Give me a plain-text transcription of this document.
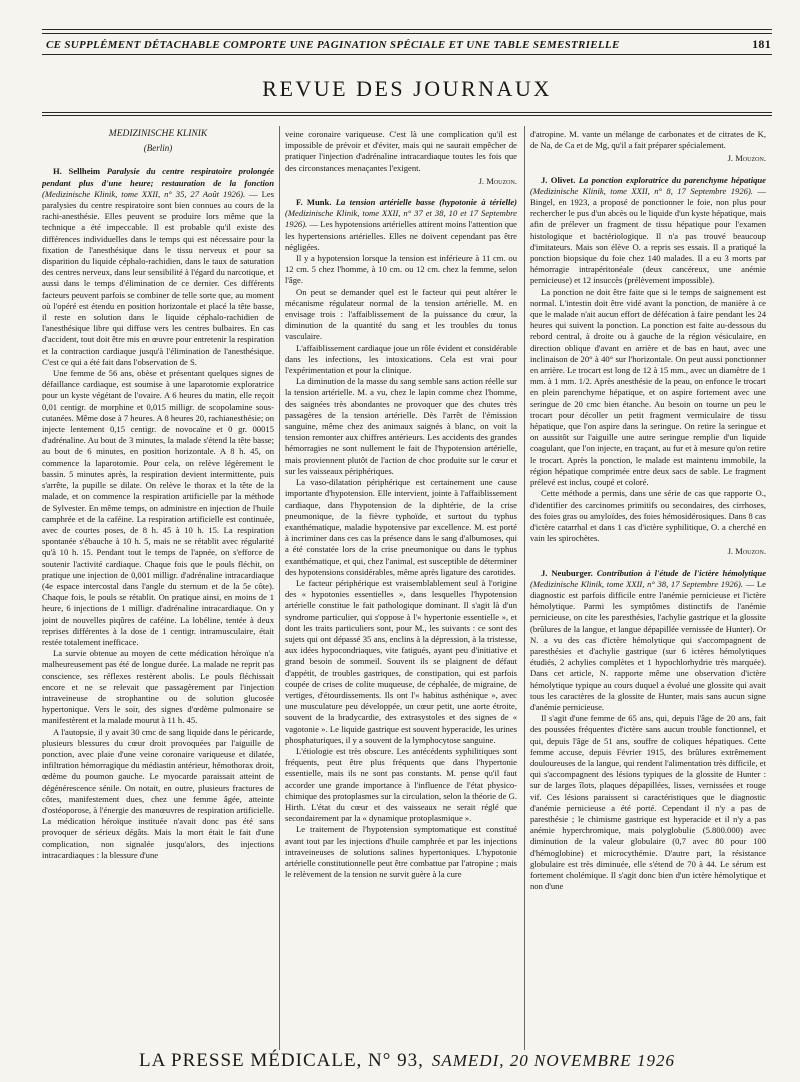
CE SUPPLÉMENT DÉTACHABLE COMPORTE UNE PAGINATION SPÉCIALE ET UNE TABLE SEMESTRIELLE	181
REVUE DES JOURNAUX
MEDIZINISCHE KLINIK
(Berlin)

H. Sellheim Paralysie du centre respiratoire prolongée pendant plus d'une heure; restauration de la fonction (Medizinische Klinik, tome XXII, n° 35, 27 Août 1926). — Les paralysies du centre respiratoire sont bien connues au cours de la rachi-anesthésie. Elles peuvent se produire lors même que la technique a été impeccable. Il est probable qu'il existe des différences individuelles dans le temps qui est nécessaire pour la fixation de l'anesthésique dans le tissu nerveux et pour sa disparition du liquide céphalo-rachidien, dans le taux de saturation des centres nerveux, dans leur sensibilité à l'égard du narcotique, et aussi dans le temps d'élimination de ce dernier. Ces différents facteurs peuvent parfois se combiner de telle sorte que, au moment où l'opéré est étendu en position horizontale et placé la tête basse, il reste en solution dans le liquide céphalo-rachidien de l'anesthésique libre qui diffuse vers les centres bulbaires. En cas d'accident, tout doit être mis en œuvre pour entretenir la respiration et la contraction cardiaque jusqu'à l'élimination de l'anesthésique. C'est ce qui a été fait dans l'observation de S.

Une femme de 56 ans, obèse et présentant quelques signes de défaillance cardiaque, est soumise à une laparotomie exploratrice pour un kyste végétant de l'ovaire. A 6 heures du matin, elle reçoit 0,01 centigr. de morphine et 0,015 milligr. de scopolamine sous-cutanées. Même dose à 7 heures. A 8 heures 20, rachianesthésie; on injecte lentement 0,15 centigr. de novocaïne et 0 gr. 00015 d'adrénaline. Au bout de 3 minutes, la malade s'étend la tête basse; au bout de 6 minutes, en position horizontale. A 8 h. 45, on commence la laparotomie. Pour cela, on relève légèrement le bassin. 5 minutes après, la respiration devient intermittente, puis s'arrête, la pupille se dilate. On relève le thorax et la tête de la malade, et on commence la respiration artificielle par la méthode de Sylvester. En même temps, on administre en injection de l'huile camphrée et de la caféine. La respiration artificielle est continuée, avec de courtes poses, de 8 h. 45 à 10 h. 15. La respiration spontanée s'ébauche à 10 h. 5, mais ne se rétablit avec régularité qu'à 10 h. 15. Pendant tout le temps de l'apnée, on s'efforce de soutenir l'activité cardiaque. Chaque fois que le pouls fléchit, on pratique une injection de 0,001 milligr. d'adrénaline intracardiaque (4e espace intercostal dans l'angle du sternum et de la 5e côte). Chaque fois, le pouls se rétablit. On pratique ainsi, en moins de 1 heure, 6 injections de 1 milligr. d'adrénaline intracardiaque. On y joint de nouvelles piqûres de caféine. La lobéline, tentée à deux reprises différentes à la dose de 1 centigr. intramusculaire, était restée totalement inefficace.

La survie obtenue au moyen de cette médication héroïque n'a malheureusement pas été de longue durée. La malade ne reprit pas conscience, ses réflexes restèrent abolis. Le pouls fléchissait encore et ne se relevait que passagèrement par l'injection intraveineuse de strophantine ou de solution glucosée hypertonique. Vers le soir, des signes d'œdème pulmonaire se manifestèrent et la malade mourut à 11 h. 45.

A l'autopsie, il y avait 30 cmc de sang liquide dans le péricarde, plusieurs blessures du cœur droit provoquées par l'aiguille de ponction, avec plaie d'une veine coronaire variqueuse et dilatée, infiltration hémorragique du médiastin antérieur, hémothorax droit, œdème du poumon gauche. Le myocarde paraissait atteint de dégénérescence sénile. On notait, en outre, plusieurs fractures de côtes, manifestement dues, chez une femme âgée, atteinte d'ostéoporose, à l'énergie des manœuvres de respiration artificielle. La médication héroïque instituée n'avait donc pas été sans provoquer de sérieux dégâts. Mais la mort était le fait d'une complication, non signalée jusqu'alors, des injections intracardiaques : la blessure d'une

veine coronaire variqueuse. C'est là une complication qu'il est impossible de prévoir et d'éviter, mais qui ne saurait empêcher de pratiquer l'injection d'adrénaline intracardiaque toutes les fois que des circonstances menaçantes l'exigent.

J. Mouzon.

F. Munk. La tension artérielle basse (hypotonie à térielle) (Medizinische Klinik, tome XXII, n° 37 et 38, 10 et 17 Septembre 1926). — Les hypotensions artérielles attirent moins l'attention que les hypertensions artérielles. Elles ne doivent cependant pas être négligées.

Il y a hypotension lorsque la tension est inférieure à 11 cm. ou 12 cm. 5 chez l'homme, à 10 cm. ou 12 cm. chez la femme, selon l'âge.

On peut se demander quel est le facteur qui peut altérer le mécanisme régulateur normal de la tension artérielle. M. en envisage trois : l'affaiblissement de la puissance du cœur, la diminution de la quantité du sang et les troubles du tonus vasculaire.

L'affaiblissement cardiaque joue un rôle évident et considérable dans les infections, les intoxications. Cela est vrai pour l'expérimentation et pour la clinique.

La diminution de la masse du sang semble sans action réelle sur la tension artérielle. M. a vu, chez le lapin comme chez l'homme, des saignées très abondantes ne provoquer que des chutes très passagères de la tension artérielle. Dès l'arrêt de l'émission sanguine, même chez des animaux saignés à blanc, on voit la tension remonter aux chiffres antérieurs. Les accidents des grandes hémorragies ne sont nullement le fait de l'hypotension artérielle, mais proviennent plutôt de l'action de choc produite sur le cœur et sur les vaisseaux périphériques.

La vaso-dilatation périphérique est certainement une cause importante d'hypotension. Elle intervient, jointe à l'affaiblissement cardiaque, dans l'hypotension de la diphtérie, de la crise pneumonique, de la fièvre typhoïde, et surtout du typhus exanthématique, maladie hypotensive par excellence. M. est porté à incriminer dans ces cas la présence dans le sang d'albumoses, qui a été constatée lors de la crise pneumonique ou dans le typhus exanthématique, et qui, chez l'animal, est susceptible de déterminer des hypotensions considérables, même après ligature des carotides.

Le facteur périphérique est vraisemblablement seul à l'origine des « hypotonies essentielles », dans lesquelles l'hypotension artérielle constitue le fait pathologique dominant. Il s'agit là d'un syndrome particulier, qui s'oppose à l'« hypertonie essentielle », et dont les traits particuliers sont, pour M., les suivants : ce sont des sujets qui ont dépassé 35 ans, enclins à la dépression, à la tristesse, aux idées hypocondriaques, vite fatigués, ayant peu d'initiative et grand besoin de sommeil. Souvent ils se plaignent de défaut d'appétit, de troubles gastriques, de constipation, qui est parfois coupée de crises de colite muqueuse, de céphalée, de migraine, de vertiges, d'étourdissements. Ils ont l'« habitus asthénique », avec une musculature peu développée, un cœur petit, une aorte étroite, souvent de la bradycardie, des extrasystoles et des signes de « vagotonie ». Le liquide gastrique est souvent hyperacide, les urines phosphaturiques, il y a souvent de la lymphocytose sanguine.

L'étiologie est très obscure. Les antécédents syphilitiques sont fréquents, peut être plus fréquents que dans l'hypertonie essentielle, mais ils ne sont pas constants. M. pense qu'il faut accorder une grande importance à l'influence de l'état physico-chimique des protoplasmes sur la circulation, selon la théorie de G. Hirth. L'état du cœur et des vaisseaux ne serait réglé que secondairement par la « dynamique protoplasmique ».

Le traitement de l'hypotension symptomatique est constitué avant tout par les injections d'huile camphrée et par les injections intraveineuses de solutions salines hypertoniques. L'hypotonie artérielle constitutionnelle peut être combattue par l'atropine ; mais le relèvement de la tension ne survit guère à la cure

d'atropine. M. vante un mélange de carbonates et de citrates de K, de Na, de Ca et de Mg, qu'il a fait préparer spécialement.

J. Mouzon.

J. Olivet. La ponction exploratrice du parenchyme hépatique (Medizinische Klinik, tome XXII, n° 8, 17 Septembre 1926). — Bingel, en 1923, a proposé de ponctionner le foie, non plus pour rechercher le pus d'un abcès ou le liquide d'un kyste hépatique, mais afin de prélever un fragment de tissu hépatique pour l'examen histologique et bactériologique. Il n'a pas trouvé beaucoup d'imitateurs. Mais son élève O. a repris ses essais. Il a pratiqué la ponction biopsique du foie chez 140 malades. Il a eu 3 morts par hémorragie intrapéritonéale (deux cancéreux, une anémie pernicieuse) et 12 insuccès (prélèvement impossible).

La ponction ne doit être faite que si le temps de saignement est normal. L'intestin doit être vidé avant la ponction, de manière à ce que le malade n'ait aucun effort de défécation à faire pendant les 24 heures qui suivent la ponction. La ponction est faite au-dessous du rebord central, à droite ou à gauche de la région vésiculaire, en direction oblique d'avant en arrière et de bas en haut, avec une inclinaison de 20° à 40° sur l'horizontale. On peut aussi ponctionner en arrière. Le trocart est long de 12 à 15 mm., avec un diamètre de 1 mm. à 1 mm. 1/2. Après anesthésie de la peau, on enfonce le trocart en plein parenchyme hépatique, et on aspire fortement avec une seringue de 20 cmc bien étanche. Au besoin on tourne un peu le trocart pour décoller un petit fragment vermiculaire de tissu hépatique, que l'on aspire dans la seringue. On retire la seringue et on aussitôt sur l'aiguille une autre seringue remplie d'un liquide coagulant, que l'on injecte, en traçant, au fur et à mesure qu'on retire le trocart. Après la ponction, le malade est maintenu immobile, la région hépatique comprimée entre deux sacs de sable. Le fragment prélevé est inclus, coupé et coloré.

Cette méthode a permis, dans une série de cas que rapporte O., d'identifier des carcinomes primitifs ou secondaires, des cirrhoses, des foies gras ou amyloïdes, des foies hémosidérosiques. Dans 8 cas d'ictère catarrhal et dans 1 cas d'ictère syphilitique, O. a cherché en vain les spirochètes.

J. Mouzon.

J. Neuburger. Contribution à l'étude de l'ictère hémolytique (Medizinische Klinik, tome XXII, n° 38, 17 Septembre 1926). — Le diagnostic est parfois difficile entre l'anémie pernicieuse et l'ictère hémolytique. Parmi les symptômes distinctifs de l'anémie pernicieuse, on cite les paresthésies, l'achylie gastrique et la glossite (brûlures de la langue, et langue dépapillée vernissée de Hunter). Or N. a vu des cas d'ictère hémolytique qui s'accompagnent de paresthésies et d'achylie gastrique (sur 6 ictères hémolytiques étudiés, 2 achylies complètes et 1 hypochlorhydrie très marquée). Dans cet article, N. rapporte même une observation d'ictère hémolytique typique au cours duquel a évolué une glossite qui avait tous les caractères de la glossite de Hunter, mais sans aucun signe d'anémie pernicieuse.

Il s'agit d'une femme de 65 ans, qui, depuis l'âge de 20 ans, fait des poussées fréquentes d'ictère sans aucun trouble fonctionnel, et qui, depuis l'âge de 51 ans, souffre de coliques hépatiques. Cette femme accuse, depuis Février 1915, des brûlures extrêmement douloureuses de la langue, qui rendent l'alimentation très difficile, et qui s'accompagnent des lésions typiques de la glossite de Hunter : sur de larges îlots, plaques dépapillées, lisses, vernissées et rouge vif. Ces lésions paraissent si caractéristiques que le diagnostic d'anémie pernicieuse a été porté. Cependant il n'y a pas de paresthésie ; le chimisme gastrique est hyperacide et il n'y a pas anémie hyperchromique, mais polyglobulie (5.800.000) avec diminution de la valeur globulaire (0,7 avec 80 pour 100 d'hémoglobine) et microcythémie. D'autre part, la résistance globulaire est très diminuée, elle s'étend de 70 à 44. Le sérum est fortement cholémique. Il s'agit donc bien d'un ictère hémolytique et non d'une

LA PRESSE MÉDICALE, N° 93, SAMEDI, 20 NOVEMBRE 1926
